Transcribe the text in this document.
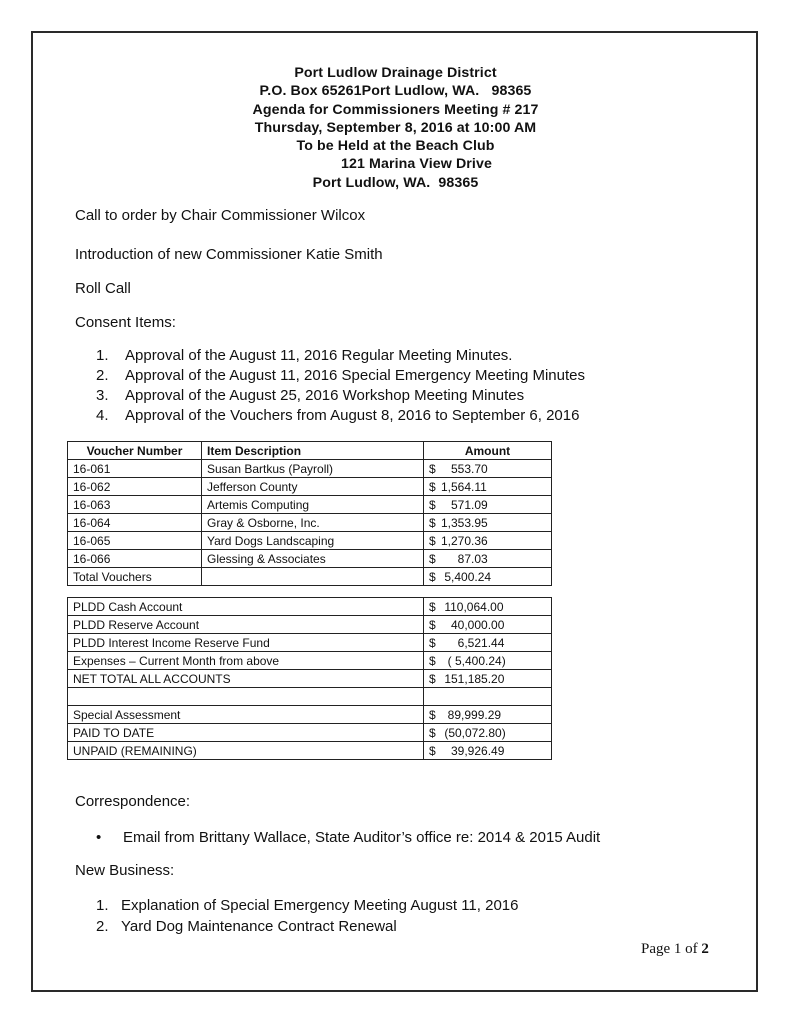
Port Ludlow Drainage District
P.O. Box 65261Port Ludlow, WA.   98365
Agenda for Commissioners Meeting # 217
Thursday, September 8, 2016 at 10:00 AM
To be Held at the Beach Club
121 Marina View Drive
Port Ludlow, WA.  98365
Call to order by Chair Commissioner Wilcox
Introduction of new Commissioner Katie Smith
Roll Call
Consent Items:
1.	Approval of the August 11, 2016 Regular Meeting Minutes.
2.	Approval of the August 11, 2016 Special Emergency Meeting Minutes
3.	Approval of the August 25, 2016 Workshop Meeting Minutes
4.	Approval of the Vouchers from August 8, 2016 to September 6, 2016
Voucher Number	Item Description	Amount
16-061	Susan Bartkus (Payroll)	$ 553.70

16-062	Jefferson County	$ 1,564.11

16-063	Artemis Computing	$ 571.09

16-064	Gray & Osborne, Inc.	$ 1,353.95

16-065	Yard Dogs Landscaping	$ 1,270.36

16-066	Glessing & Associates	$ 87.03

Total Vouchers		$ 5,400.24
PLDD Cash Account	$ 110,064.00

PLDD Reserve Account	$ 40,000.00

PLDD Interest Income Reserve Fund	$ 6,521.44

Expenses – Current Month from above	$ ( 5,400.24)

NET TOTAL ALL ACCOUNTS	$ 151,185.20

Special Assessment	$ 89,999.29

PAID TO DATE	$ (50,072.80)

UNPAID (REMAINING)	$ 39,926.49
Correspondence:
•	Email from Brittany Wallace, State Auditor’s office re: 2014 & 2015 Audit
New Business:
1. Explanation of Special Emergency Meeting August 11, 2016
2. Yard Dog Maintenance Contract Renewal
Page 1 of 2
